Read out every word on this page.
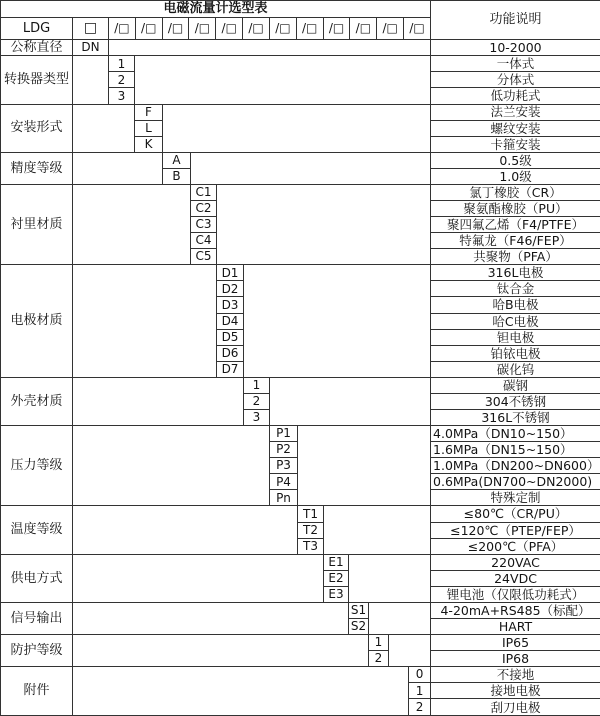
电磁流量计选型表															功能说明
LDG	□	/□ /□ /□ /□ /□ /□ /□ /□ /□ /□ /□ /□

公称直径	DN														10-2000
转换器类型		1													一体式
		2													分体式
		3													低功耗式
安装形式			F												法兰安装
			L												螺纹安装
			K												卡箍安装
精度等级				A											0.5级
				B											1.0级
衬里材质					C1										氯丁橡胶（CR）
					C2										聚氨酯橡胶（PU）
					C3										聚四氟乙烯（F4/PTFE）
					C4										特氟龙（F46/FEP）
					C5										共聚物（PFA）
电极材质						D1									316L电极
						D2									钛合金
						D3									哈B电极
						D4									哈C电极
						D5									钽电极
						D6									铂铱电极
						D7									碳化钨
外壳材质							1								碳钢
							2								304不锈钢
							3								316L不锈钢
压力等级								P1							4.0MPa（DN10~150）
								P2							1.6MPa（DN15~150）
								P3							1.0MPa（DN200~DN600）
								P4							0.6MPa(DN700~DN2000)
								Pn							特殊定制
温度等级									T1						≤80℃（CR/PU）
									T2						≤120℃（PTEP/FEP）
									T3						≤200℃（PFA）
供电方式										E1					220VAC
										E2					24VDC
										E3					锂电池（仅限低功耗式）
信号输出											S1				4-20mA+RS485（标配）
											S2				HART
防护等级												1			IP65
												2			IP68
附件														0	不接地
														1	接地电极
														2	刮刀电极
